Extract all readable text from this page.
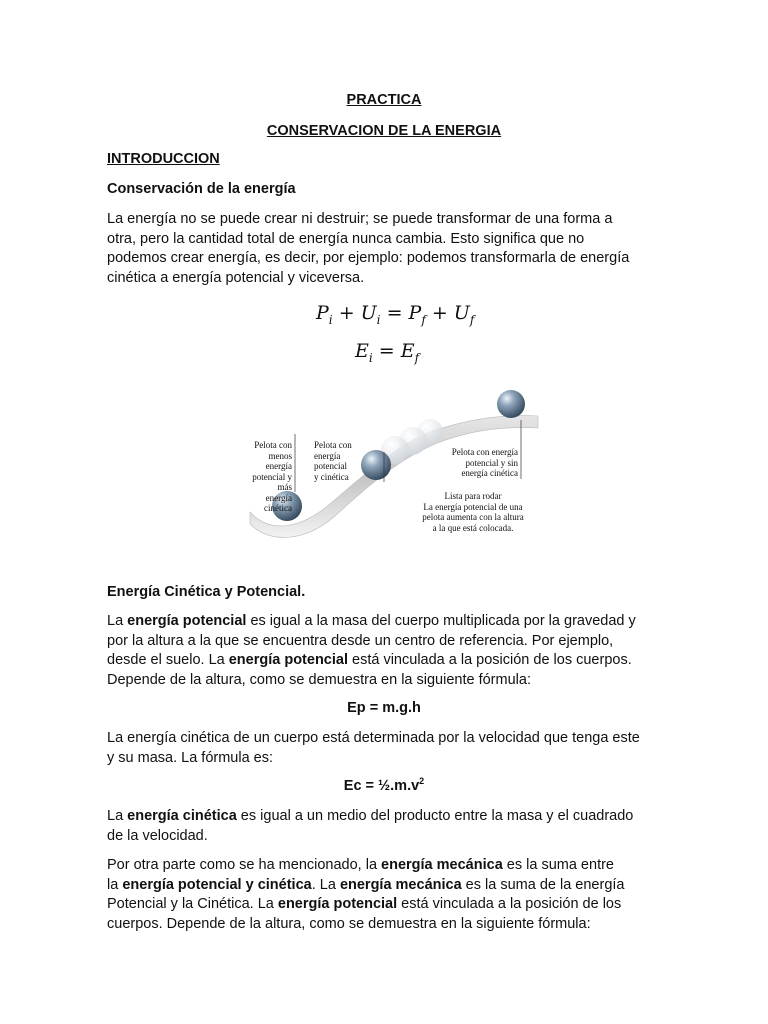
PRACTICA
CONSERVACION DE LA ENERGIA
INTRODUCCION
Conservación de la energía
La energía no se puede crear ni destruir; se puede transformar de una forma a
otra, pero la cantidad total de energía nunca cambia. Esto significa que no
podemos crear energía, es decir, por ejemplo: podemos transformarla de energía
cinética a energía potencial y viceversa.
$P_i + U_i = P_f + U_f$
$E_i = E_f$
Pelota con
menos energía
potencial y más
energía cinética
Pelota con
energía
potencial
y cinética
Pelota con energía
potencial y sin
energía cinética
Lista para rodar
La energía potencial de una
pelota aumenta con la altura
a la que está colocada.
Energía Cinética y Potencial.
La energía potencial es igual a la masa del cuerpo multiplicada por la gravedad y
por la altura a la que se encuentra desde un centro de referencia. Por ejemplo,
desde el suelo. La energía potencial está vinculada a la posición de los cuerpos.
Depende de la altura, como se demuestra en la siguiente fórmula:
Ep = m.g.h
La energía cinética de un cuerpo está determinada por la velocidad que tenga este
y su masa. La fórmula es:
$Ec = \frac{1}{2}.m.v^2$
La energía cinética es igual a un medio del producto entre la masa y el cuadrado
de la velocidad.
Por otra parte como se ha mencionado, la energía mecánica es la suma entre
la energía potencial y cinética. La energía mecánica es la suma de la energía
Potencial y la Cinética. La energía potencial está vinculada a la posición de los
cuerpos. Depende de la altura, como se demuestra en la siguiente fórmula:
